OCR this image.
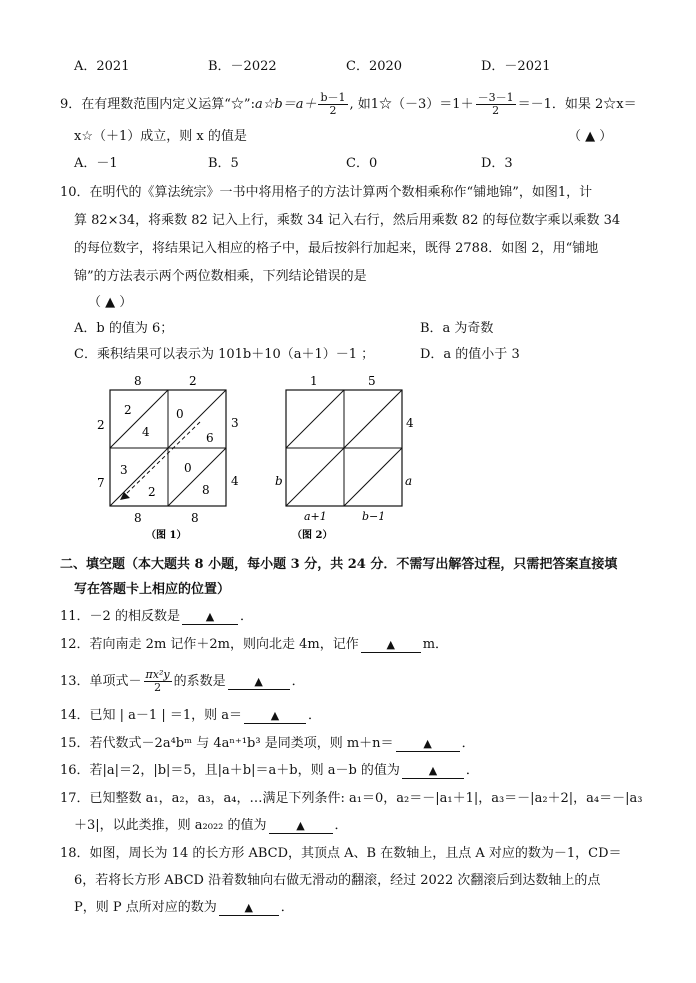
A．2021	B．－2022	C．2020	D．－2021
9．在有理数范围内定义运算“☆”:a☆b＝a＋ $\frac{b-1}{2}$ , 如1☆（－3）＝1＋ $\frac{-3-1}{2} =-1$．如果 2☆x＝
x☆（＋1）成立，则 x 的值是	（ ▲ ）
A．－1	B．5	C．0	D．3
10．在明代的《算法统宗》一书中将用格子的方法计算两个数相乘称作“铺地锦”，如图1，计
算 82×34，将乘数 82 记入上行，乘数 34 记入右行，然后用乘数 82 的每位数字乘以乘数 34
的每位数字，将结果记入相应的格子中，最后按斜行加起来，既得 2788．如图 2，用“铺地
锦”的方法表示两个两位数相乘，下列结论错误的是
（ ▲ ）
A．b 的值为 6；	B．a 为奇数
C．乘积结果可以表示为 101b＋10（a＋1）－1 ；	D．a 的值小于 3
8	2
3
4
2
7
8	8
2
4
0
6
3
2
0
8
（图 1）
1	5
4
a
b
a+1	b−1
（图 2）
二、填空题（本大题共 8 小题，每小题 3 分，共 24 分．不需写出解答过程，只需把答案直接填
写在答题卡上相应的位置）
11．－2 的相反数是 ▲ ．
12．若向南走 2m 记作＋2m，则向北走 4m，记作	▲ m．
13．单项式－ $\frac{\text{πx²y}}{2}$ 的系数是	▲ ．
14．已知 | a－1 | ＝1，则 a＝	▲ ．
15．若代数式－2a⁴bᵐ 与 4aⁿ⁺¹b³ 是同类项，则 m＋n＝	▲ ．
16．若|a|＝2，|b|＝5，且|a＋b|＝a＋b，则 a－b 的值为	▲ ．
17．已知整数 a₁，a₂，a₃，a₄，…满足下列条件: a₁＝0，a₂＝－|a₁＋1|，a₃＝－|a₂＋2|，a₄＝－|a₃
＋3|，以此类推，则 a₂₀₂₂ 的值为	▲ ．
18．如图，周长为 14 的长方形 ABCD，其顶点 A、B 在数轴上，且点 A 对应的数为－1，CD＝
6，若将长方形 ABCD 沿着数轴向右做无滑动的翻滚，经过 2022 次翻滚后到达数轴上的点
P，则 P 点所对应的数为	▲ ．
